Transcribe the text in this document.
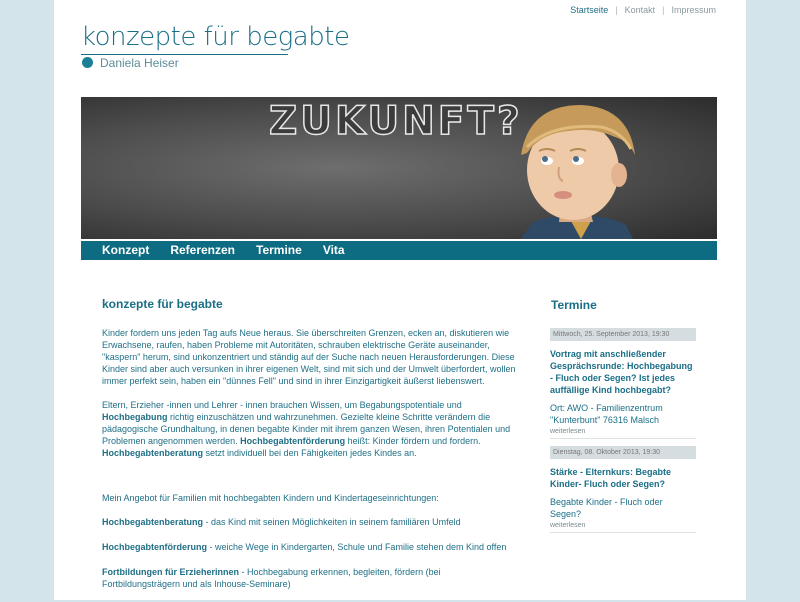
Startseite | Kontakt | Impressum
konzepte für begabte
Daniela Heiser
ZUKUNFT?
Konzept Referenzen Termine Vita
konzepte für begabte

Kinder fordern uns jeden Tag aufs Neue heraus. Sie überschreiten Grenzen, ecken an, diskutieren wie Erwachsene, raufen, haben Probleme mit Autoritäten, schrauben elektrische Geräte auseinander, "kaspern" herum, sind unkonzentriert und ständig auf der Suche nach neuen Herausforderungen. Diese Kinder sind aber auch versunken in ihrer eigenen Welt, sind mit sich und der Umwelt überfordert, wollen immer perfekt sein, haben ein "dünnes Fell" und sind in ihrer Einzigartigkeit äußerst liebenswert.

Eltern, Erzieher -innen und Lehrer - innen brauchen Wissen, um Begabungspotentiale und Hochbegabung richtig einzuschätzen und wahrzunehmen. Gezielte kleine Schritte verändern die pädagogische Grundhaltung, in denen begabte Kinder mit ihrem ganzen Wesen, ihren Potentialen und Problemen angenommen werden. Hochbegabtenförderung heißt: Kinder fördern und fordern.
Hochbegabtenberatung setzt individuell bei den Fähigkeiten jedes Kindes an.

Mein Angebot für Familien mit hochbegabten Kindern und Kindertageseinrichtungen:

Hochbegabtenberatung - das Kind mit seinen Möglichkeiten in seinem familiären Umfeld

Hochbegabtenförderung - weiche Wege in Kindergarten, Schule und Familie stehen dem Kind offen

Fortbildungen für Erzieherinnen - Hochbegabung erkennen, begleiten, fördern (bei Fortbildungsträgern und als Inhouse-Seminare)

Termine
Mittwoch, 25. September 2013, 19:30
Vortrag mit anschließender Gesprächsrunde: Hochbegabung - Fluch oder Segen? Ist jedes auffällige Kind hochbegabt?
Ort: AWO - Familienzentrum "Kunterbunt" 76316 Malsch
weiterlesen
Dienstag, 08. Oktober 2013, 19:30
Stärke - Elternkurs: Begabte Kinder- Fluch oder Segen?
Begabte Kinder - Fluch oder Segen?
weiterlesen
